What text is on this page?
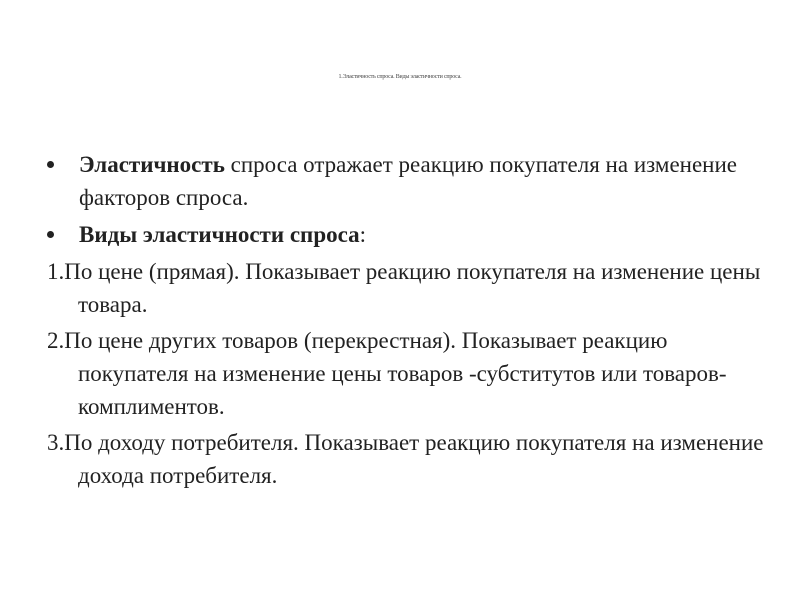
1.Эластичность спроса. Виды эластичности спроса.
Эластичность спроса отражает реакцию покупателя на изменение факторов спроса.
Виды эластичности спроса:
1.По цене (прямая). Показывает реакцию покупателя на изменение цены товара.
2.По цене других товаров (перекрестная). Показывает реакцию покупателя на изменение цены товаров -субститутов или товаров- комплиментов.
3.По доходу потребителя. Показывает реакцию покупателя на изменение дохода потребителя.
